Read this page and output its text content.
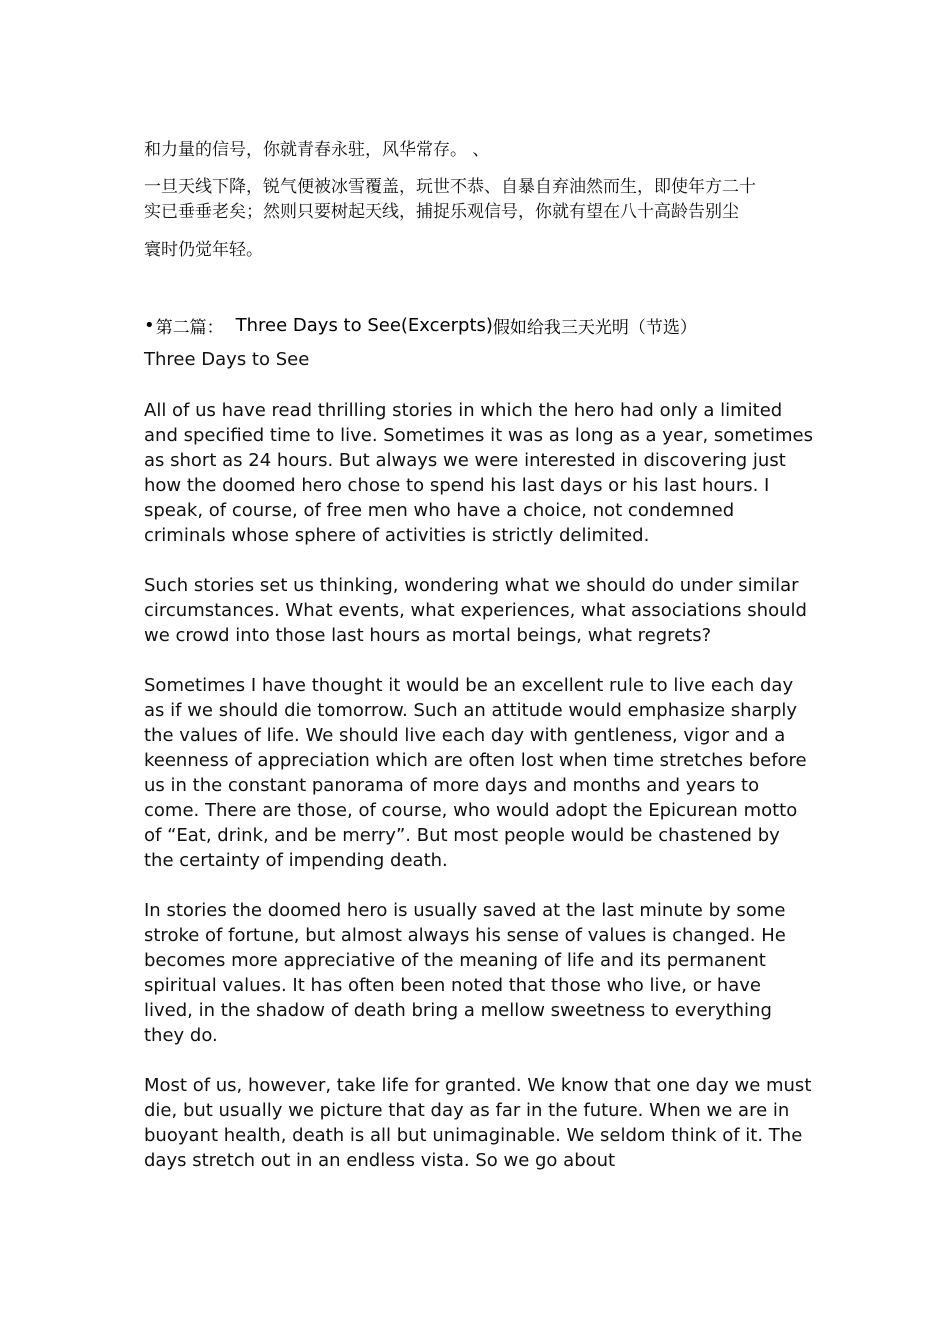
和力量的信号，你就青春永驻，风华常存。 、
一旦天线下降，锐气便被冰雪覆盖，玩世不恭、自暴自弃油然而生，即使年方二十
实已垂垂老矣；然则只要树起天线，捕捉乐观信号，你就有望在八十高龄告别尘
寰时仍觉年轻。
• 第二篇： Three Days to See(Excerpts) 假如给我三天光明（节选）
Three Days to See

All of us have read thrilling stories in which the hero had only a limited and specified time to live. Sometimes it was as long as a year, sometimes as short as 24 hours. But always we were interested in discovering just how the doomed hero chose to spend his last days or his last hours. I speak, of course, of free men who have a choice, not condemned criminals whose sphere of activities is strictly delimited.

Such stories set us thinking, wondering what we should do under similar circumstances. What events, what experiences, what associations should we crowd into those last hours as mortal beings, what regrets?

Sometimes I have thought it would be an excellent rule to live each day as if we should die tomorrow. Such an attitude would emphasize sharply the values of life. We should live each day with gentleness, vigor and a keenness of appreciation which are often lost when time stretches before us in the constant panorama of more days and months and years to come. There are those, of course, who would adopt the Epicurean motto of “Eat, drink, and be merry”. But most people would be chastened by the certainty of impending death.

In stories the doomed hero is usually saved at the last minute by some stroke of fortune, but almost always his sense of values is changed. He becomes more appreciative of the meaning of life and its permanent spiritual values. It has often been noted that those who live, or have lived, in the shadow of death bring a mellow sweetness to everything they do.

Most of us, however, take life for granted. We know that one day we must die, but usually we picture that day as far in the future. When we are in buoyant health, death is all but unimaginable. We seldom think of it. The days stretch out in an endless vista. So we go about
